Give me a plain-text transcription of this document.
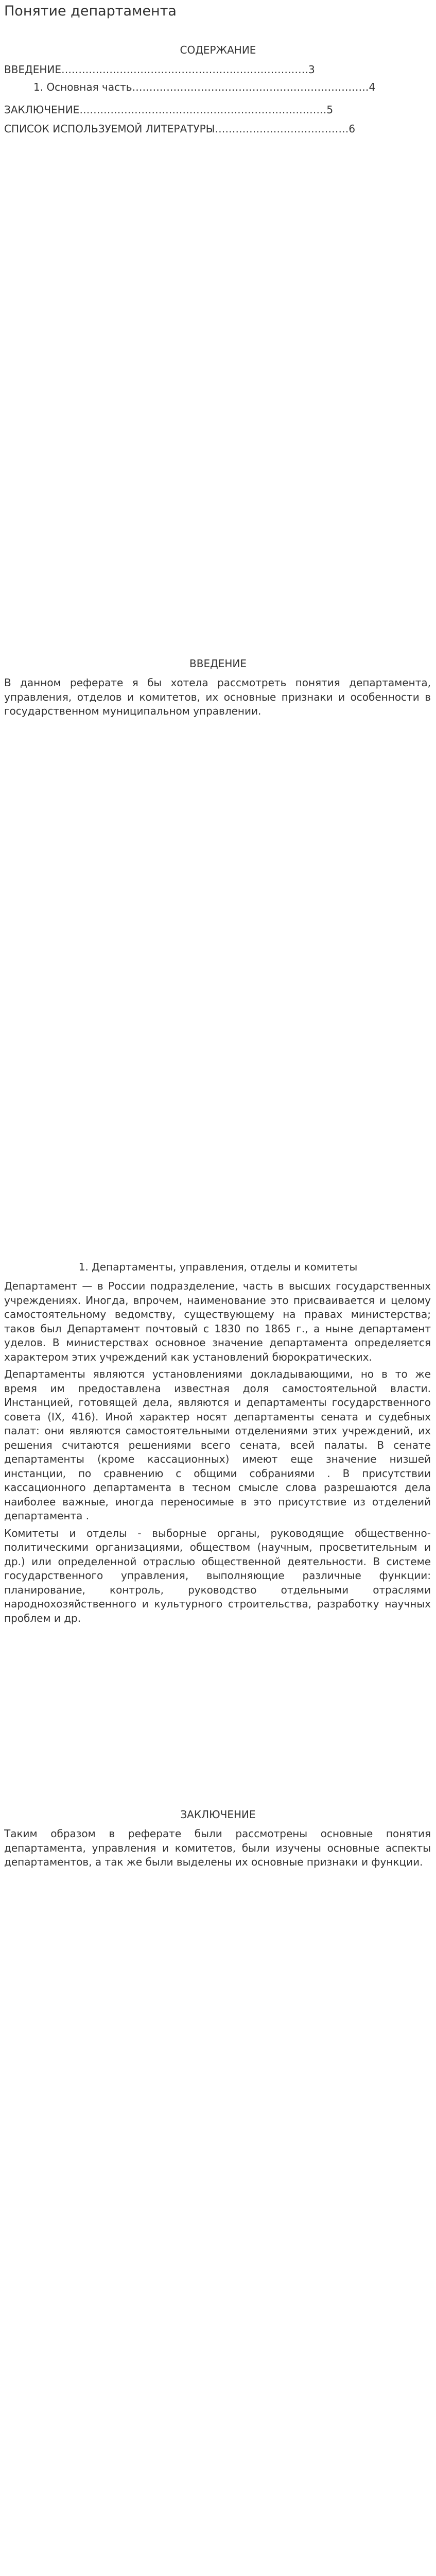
Понятие департамента
СОДЕРЖАНИЕ
ВВЕДЕНИЕ………………………………………………………………3
1. Основная часть……………………………………………………………4
ЗАКЛЮЧЕНИЕ………………………………………………………………5
СПИСОК ИСПОЛЬЗУЕМОЙ ЛИТЕРАТУРЫ…………………………………6
ВВЕДЕНИЕ

В данном реферате я бы хотела рассмотреть понятия департамента, управления, отделов и комитетов, их основные признаки и особенности в государственном муниципальном управлении.

1. Департаменты, управления, отделы и комитеты

Департамент — в России подразделение, часть в высших государственных учреждениях. Иногда, впрочем, наименование это присваивается и целому самостоятельному ведомству, существующему на правах министерства; таков был Департамент почтовый с 1830 по 1865 г., а ныне департамент уделов. В министерствах основное значение департамента определяется характером этих учреждений как установлений бюрократических.

Департаменты являются установлениями докладывающими, но в то же время им предоставлена известная доля самостоятельной власти. Инстанцией, готовящей дела, являются и департаменты государственного совета (IX, 416). Иной характер носят департаменты сената и судебных палат: они являются самостоятельными отделениями этих учреждений, их решения считаются решениями всего сената, всей палаты. В сенате департаменты (кроме кассационных) имеют еще значение низшей инстанции, по сравнению с общими собраниями . В присутствии кассационного департамента в тесном смысле слова разрешаются дела наиболее важные, иногда переносимые в это присутствие из отделений департамента .

Комитеты и отделы - выборные органы, руководящие общественно-политическими организациями, обществом (научным, просветительным и др.) или определенной отраслью общественной деятельности. В системе государственного управления, выполняющие различные функции: планирование, контроль, руководство отдельными отраслями народнохозяйственного и культурного строительства, разработку научных проблем и др.

ЗАКЛЮЧЕНИЕ

Таким образом в реферате были рассмотрены основные понятия департамента, управления и комитетов, были изучены основные аспекты департаментов, а так же были выделены их основные признаки и функции.
